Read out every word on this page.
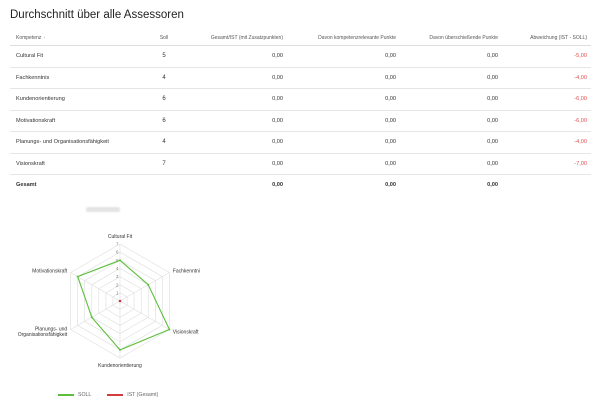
Durchschnitt über alle Assessoren
Kompetenz ↑	Soll	Gesamt/IST (mit Zusatzpunkten)	Davon kompetenzrelevante Punkte	Davon überschießende Punkte	Abweichung (IST - SOLL)
Cultural Fit	5	0,00	0,00	0,00	-5,00
Fachkenntnis	4	0,00	0,00	0,00	-4,00
Kundenorientierung	6	0,00	0,00	0,00	-6,00
Motivationskraft	6	0,00	0,00	0,00	-6,00
Planungs- und Organisationsfähigkeit	4	0,00	0,00	0,00	-4,00
Visionskraft	7	0,00	0,00	0,00	-7,00
Gesamt		0,00	0,00	0,00	
1
2
3
4
5
6
7
Cultural Fit
Fachkenntni
Visionskraft
Kundenorientierung
Planungs- und
Organisationsfähigkeit
Motivationskraft
SOLL	IST (Gesamt)
